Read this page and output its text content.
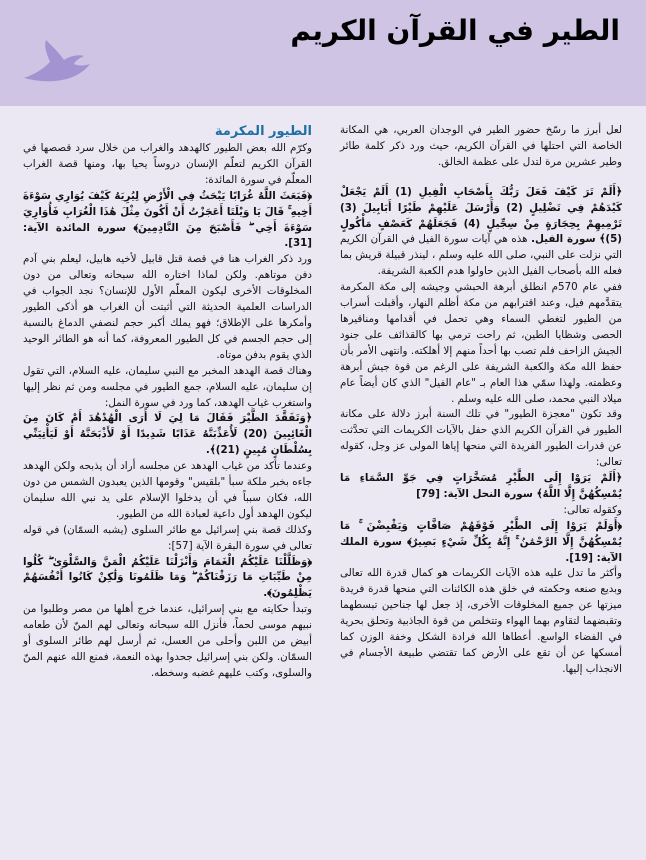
الطير في القرآن الكريم

لعل أبرز ما رسّخ حضور الطير في الوجدان العربي، هي المكانة الخاصة التي احتلها في القرآن الكريم، حيث ورد ذكر كلمة طائر وطير عشرين مرة لتدل على عظمة الخالق.

﴿أَلَمْ تَرَ كَيْفَ فَعَلَ رَبُّكَ بِأَصْحَابِ الْفِيلِ (1) أَلَمْ يَجْعَلْ كَيْدَهُمْ فِي تَضْلِيلٍ (2) وَأَرْسَلَ عَلَيْهِمْ طَيْرًا أَبَابِيلَ (3) تَرْمِيهِمْ بِحِجَارَةٍ مِنْ سِجِّيلٍ (4) فَجَعَلَهُمْ كَعَصْفٍ مَأْكُولٍ (5)﴾ سورة الفيل. هذه هي آيات سورة الفيل في القرآن الكريم التي نزلت على النبي، صلى الله عليه وسلم ، لينذر قبيلة قريش بما فعله الله بأصحاب الفيل الذين حاولوا هدم الكعبة الشريفة.

ففي عام 570م انطلق أبرهة الحبشي وجيشه إلى مكة المكرمة يتقدَّمهم فيل، وعند اقترابهم من مكة أظلم النهار، وأقبلت أسراب من الطيور لتغطي السماء وهي تحمل في أقدامها ومناقيرها الحصى وشظايا الطين، ثم راحت ترمي بها كالقذائف على جنود الجيش الزاحف فلم تصب بها أحداً منهم إلا أهلكته. وانتهى الأمر بأن حفظ الله مكة والكعبة الشريفة على الرغم من قوة جيش أبرهة وعظمته. ولهذا سمّي هذا العام بـ "عام الفيل" الذي كان أيضاً عام ميلاد النبي محمد، صلى الله عليه وسلم .

وقد تكون "معجزة الطيور" في تلك السنة أبرز دلالة على مكانة الطيور في القرآن الكريم الذي حفل بالآيات الكريمات التي تحدَّثت عن قدرات الطيور الفريدة التي منحها إياها المولى عز وجل، كقوله تعالى:

﴿أَلَمْ يَرَوْا إِلَى الطَّيْرِ مُسَخَّرَاتٍ فِي جَوِّ السَّمَاءِ مَا يُمْسِكُهُنَّ إِلَّا اللَّهُ﴾ سورة النحل الآية: [79]

وكقوله تعالى:

﴿أَوَلَمْ يَرَوْا إِلَى الطَّيْرِ فَوْقَهُمْ صَافَّاتٍ وَيَقْبِضْنَ ۚ مَا يُمْسِكُهُنَّ إِلَّا الرَّحْمَٰنُ ۚ إِنَّهُ بِكُلِّ شَيْءٍ بَصِيرٌ﴾ سورة الملك الآية: [19].

وأكثر ما تدل عليه هذه الآيات الكريمات هو كمال قدرة الله تعالى وبديع صنعه وحكمته في خلق هذه الكائنات التي منحها قدرة فريدة ميزتها عن جميع المخلوقات الأخرى، إذ جعل لها جناحين تبسطهما وتقبضهما لتقاوم بهما الهواء وتتخلص من قوة الجاذبية وتحلق بحرية في الفضاء الواسع. أعطاها الله فرادة الشكل وخفة الوزن كما أمسكها عن أن تقع على الأرض كما تقتضي طبيعة الأجسام في الانجذاب إليها.

الطيور المكرمة

وكرّم الله بعض الطيور كالهدهد والغراب من خلال سرد قصصها في القرآن الكريم لتعلّم الإنسان دروساً يحيا بها، ومنها قصة الغراب المعلّم في سورة المائدة:

﴿فَبَعَثَ اللَّهُ غُرَابًا يَبْحَثُ فِي الْأَرْضِ لِيُرِيَهُ كَيْفَ يُوَارِي سَوْءَةَ أَخِيهِ ۚ قَالَ يَا وَيْلَتَا أَعَجَزْتُ أَنْ أَكُونَ مِثْلَ هَٰذَا الْغُرَابِ فَأُوَارِيَ سَوْءَةَ أَخِي ۖ فَأَصْبَحَ مِنَ النَّادِمِينَ﴾ سورة المائدة الآية: [31].

ورد ذكر الغراب هنا في قصة قتل قابيل لأخيه هابيل، ليعلم بني آدم دفن موتاهم. ولكن لماذا اختاره الله سبحانه وتعالى من دون المخلوقات الأخرى ليكون المعلّم الأول للإنسان؟ نجد الجواب في الدراسات العلمية الحديثة التي أثبتت أن الغراب هو أذكى الطيور وأمكرها على الإطلاق؛ فهو يملك أكبر حجم لنصفي الدماغ بالنسبة إلى حجم الجسم في كل الطيور المعروفة، كما أنه هو الطائر الوحيد الذي يقوم بدفن موتاه.

وهناك قصة الهدهد المخبر مع النبي سليمان، عليه السلام، التي تقول إن سليمان، عليه السلام، جمع الطيور في مجلسه ومن ثم نظر إليها واستغرب غياب الهدهد، كما ورد في سورة النمل:

﴿وَتَفَقَّدَ الطَّيْرَ فَقَالَ مَا لِيَ لَا أَرَى الْهُدْهُدَ أَمْ كَانَ مِنَ الْغَائِبِينَ (20) لَأُعَذِّبَنَّهُ عَذَابًا شَدِيدًا أَوْ لَأَذْبَحَنَّهُ أَوْ لَيَأْتِيَنِّي بِسُلْطَانٍ مُبِينٍ (21)﴾.

وعندما تأكد من غياب الهدهد عن مجلسه أراد أن يذبحه ولكن الهدهد جاءه بخبر ملكة سبأ "بلقيس" وقومها الذين يعبدون الشمس من دون الله، فكان سبباً في أن يدخلوا الإسلام على يد نبي الله سليمان ليكون الهدهد أول داعية لعبادة الله من الطيور.

وكذلك قصة بني إسرائيل مع طائر السلوى (يشبه السمّان) في قوله تعالى في سورة البقرة الآية [57]:

﴿وَظَلَّلْنَا عَلَيْكُمُ الْغَمَامَ وَأَنْزَلْنَا عَلَيْكُمُ الْمَنَّ وَالسَّلْوَىٰ ۖ كُلُوا مِنْ طَيِّبَاتِ مَا رَزَقْنَاكُمْ ۖ وَمَا ظَلَمُونَا وَلَٰكِنْ كَانُوا أَنْفُسَهُمْ يَظْلِمُونَ﴾.

وتبدأ حكايته مع بني إسرائيل، عندما خرج أهلها من مصر وطلبوا من نبيهم موسى لحماً، فأنزل الله سبحانه وتعالى لهم المنّ لأن طعامه أبيض من اللبن وأحلى من العسل، ثم أرسل لهم طائر السلوى أو السمّان. ولكن بني إسرائيل جحدوا بهذه النعمة، فمنع الله عنهم المنّ والسلوى، وكتب عليهم غضبه وسخطه.
